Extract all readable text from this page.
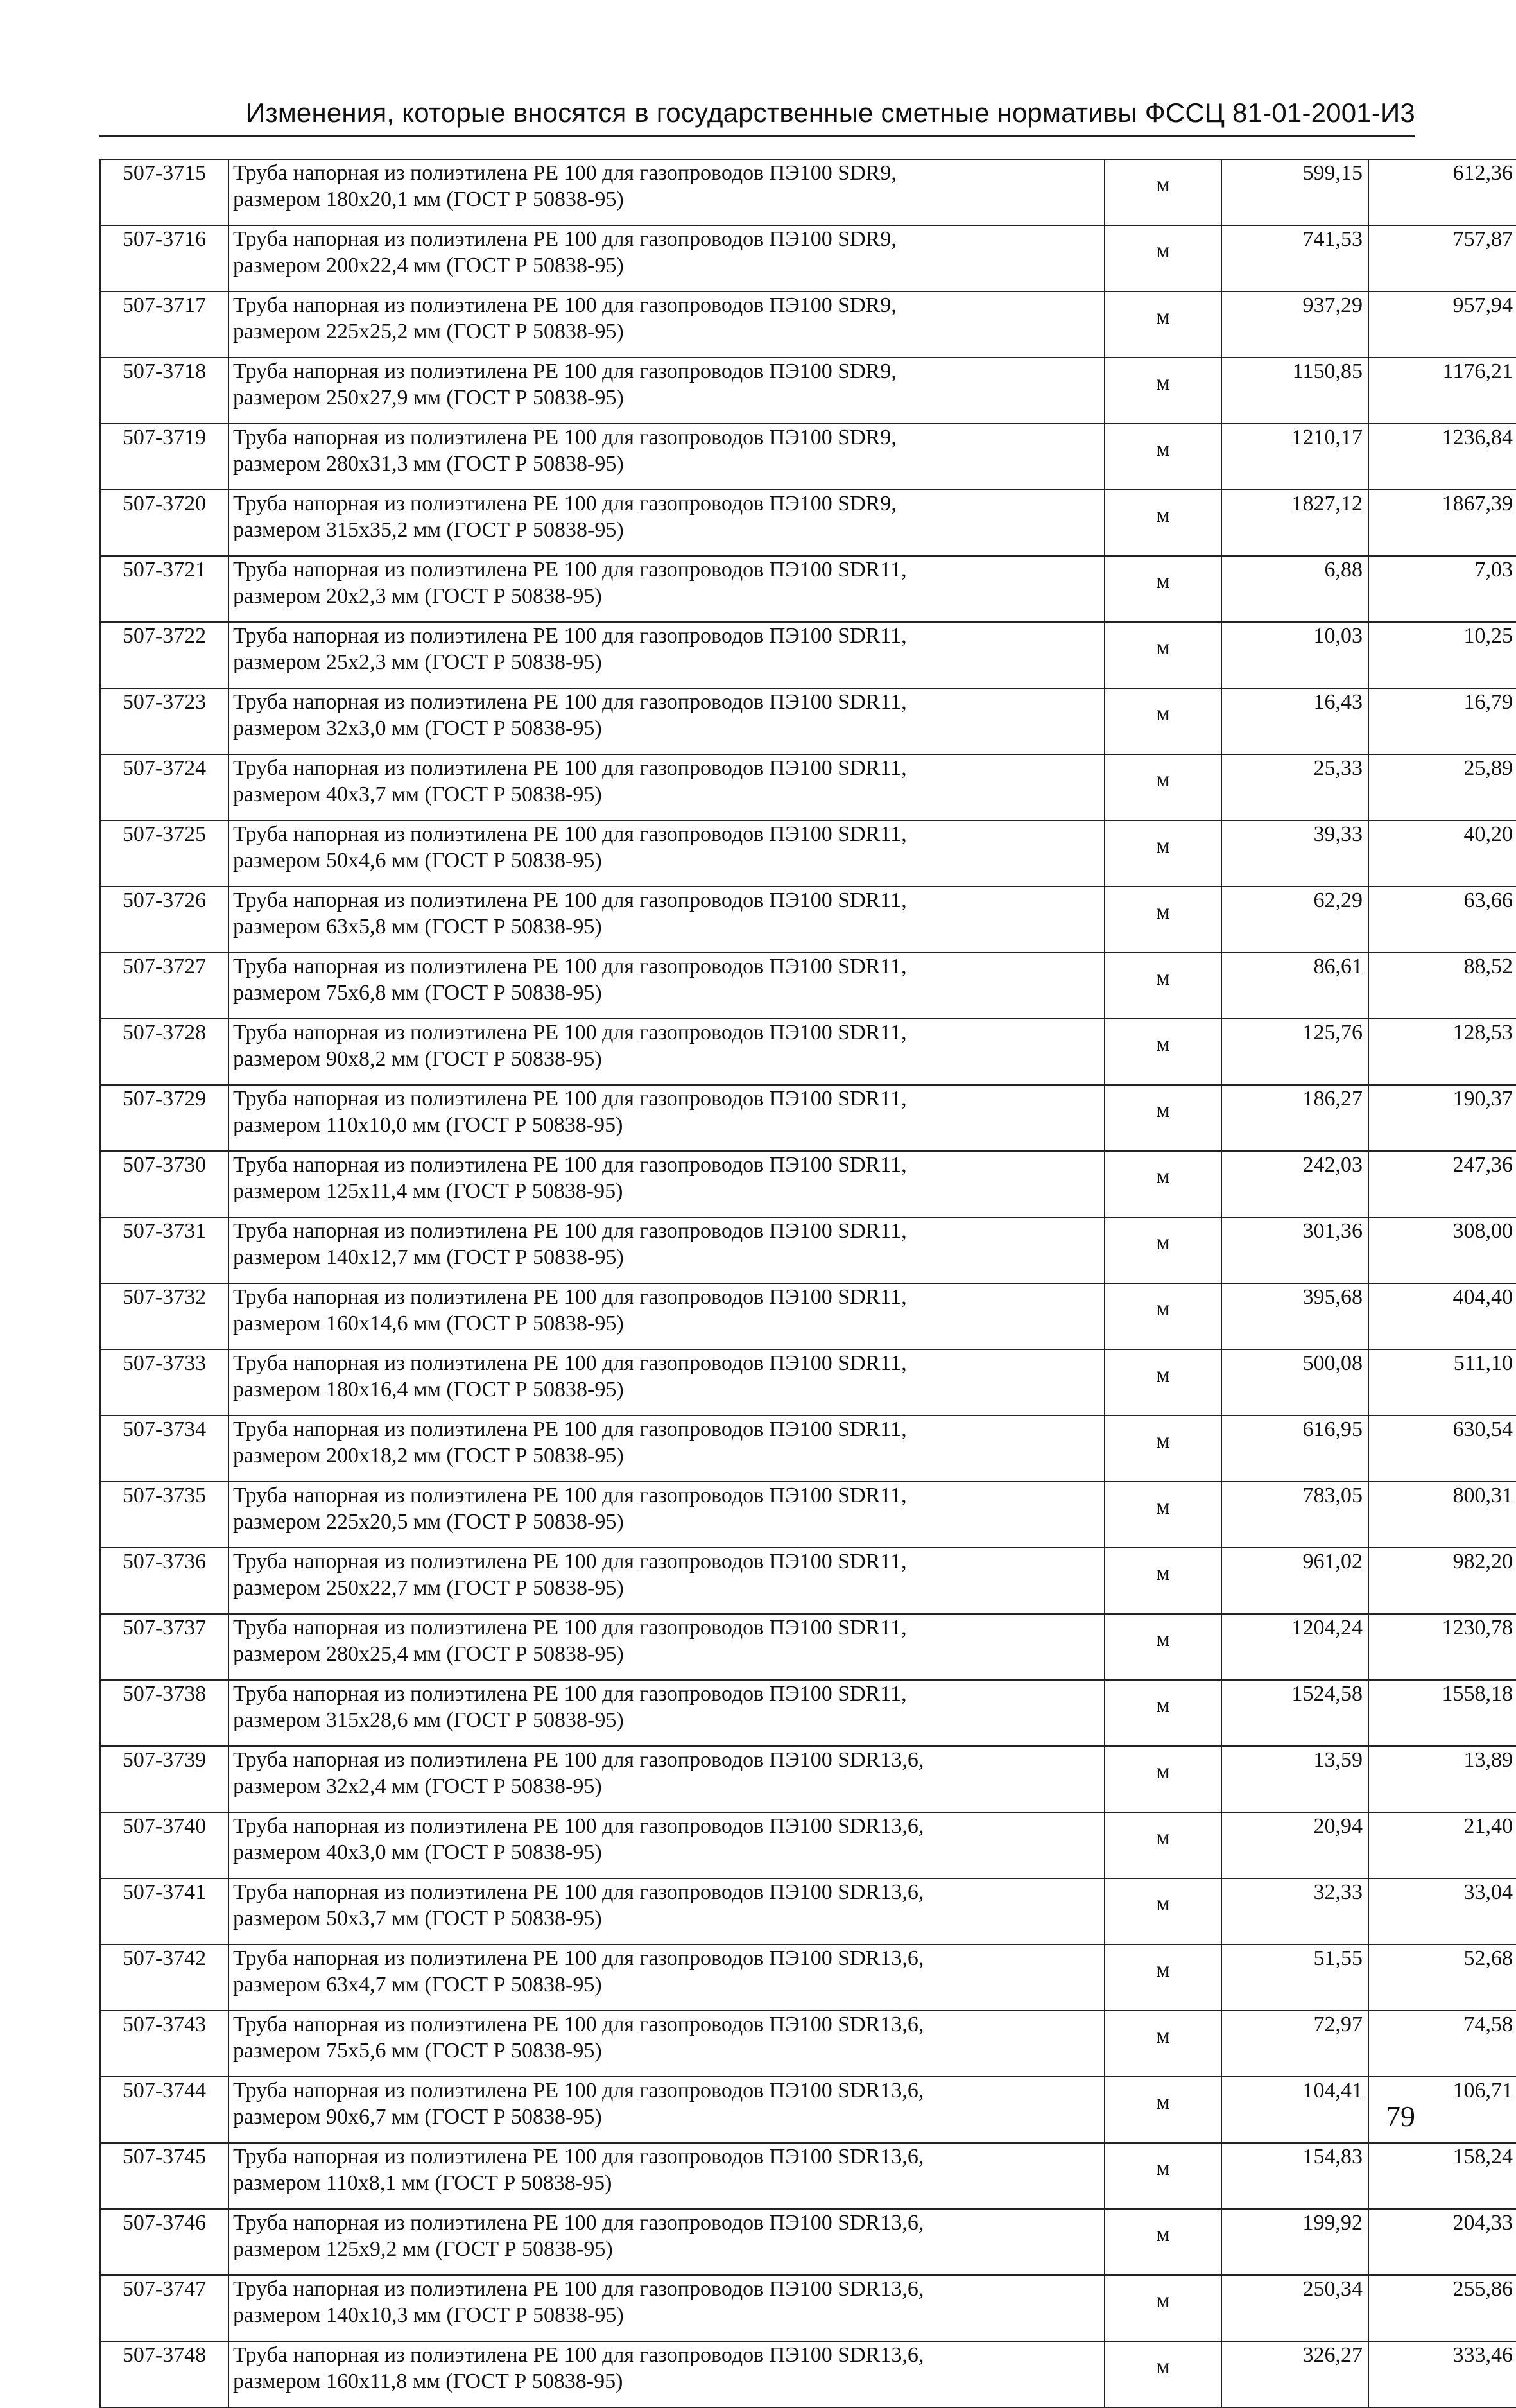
Изменения, которые вносятся в государственные сметные нормативы ФССЦ 81-01-2001-И3
507-3715	Труба напорная из полиэтилена PE 100 для газопроводов ПЭ100 SDR9,
размером 180x20,1 мм (ГОСТ Р 50838-95)	м	599,15	612,36
507-3716	Труба напорная из полиэтилена PE 100 для газопроводов ПЭ100 SDR9,
размером 200x22,4 мм (ГОСТ Р 50838-95)	м	741,53	757,87
507-3717	Труба напорная из полиэтилена PE 100 для газопроводов ПЭ100 SDR9,
размером 225x25,2 мм (ГОСТ Р 50838-95)	м	937,29	957,94
507-3718	Труба напорная из полиэтилена PE 100 для газопроводов ПЭ100 SDR9,
размером 250x27,9 мм (ГОСТ Р 50838-95)	м	1150,85	1176,21
507-3719	Труба напорная из полиэтилена PE 100 для газопроводов ПЭ100 SDR9,
размером 280x31,3 мм (ГОСТ Р 50838-95)	м	1210,17	1236,84
507-3720	Труба напорная из полиэтилена PE 100 для газопроводов ПЭ100 SDR9,
размером 315x35,2 мм (ГОСТ Р 50838-95)	м	1827,12	1867,39
507-3721	Труба напорная из полиэтилена PE 100 для газопроводов ПЭ100 SDR11,
размером 20x2,3 мм (ГОСТ Р 50838-95)	м	6,88	7,03
507-3722	Труба напорная из полиэтилена PE 100 для газопроводов ПЭ100 SDR11,
размером 25x2,3 мм (ГОСТ Р 50838-95)	м	10,03	10,25
507-3723	Труба напорная из полиэтилена PE 100 для газопроводов ПЭ100 SDR11,
размером 32x3,0 мм (ГОСТ Р 50838-95)	м	16,43	16,79
507-3724	Труба напорная из полиэтилена PE 100 для газопроводов ПЭ100 SDR11,
размером 40x3,7 мм (ГОСТ Р 50838-95)	м	25,33	25,89
507-3725	Труба напорная из полиэтилена PE 100 для газопроводов ПЭ100 SDR11,
размером 50x4,6 мм (ГОСТ Р 50838-95)	м	39,33	40,20
507-3726	Труба напорная из полиэтилена PE 100 для газопроводов ПЭ100 SDR11,
размером 63x5,8 мм (ГОСТ Р 50838-95)	м	62,29	63,66
507-3727	Труба напорная из полиэтилена PE 100 для газопроводов ПЭ100 SDR11,
размером 75x6,8 мм (ГОСТ Р 50838-95)	м	86,61	88,52
507-3728	Труба напорная из полиэтилена PE 100 для газопроводов ПЭ100 SDR11,
размером 90x8,2 мм (ГОСТ Р 50838-95)	м	125,76	128,53
507-3729	Труба напорная из полиэтилена PE 100 для газопроводов ПЭ100 SDR11,
размером 110x10,0 мм (ГОСТ Р 50838-95)	м	186,27	190,37
507-3730	Труба напорная из полиэтилена PE 100 для газопроводов ПЭ100 SDR11,
размером 125x11,4 мм (ГОСТ Р 50838-95)	м	242,03	247,36
507-3731	Труба напорная из полиэтилена PE 100 для газопроводов ПЭ100 SDR11,
размером 140x12,7 мм (ГОСТ Р 50838-95)	м	301,36	308,00
507-3732	Труба напорная из полиэтилена PE 100 для газопроводов ПЭ100 SDR11,
размером 160x14,6 мм (ГОСТ Р 50838-95)	м	395,68	404,40
507-3733	Труба напорная из полиэтилена PE 100 для газопроводов ПЭ100 SDR11,
размером 180x16,4 мм (ГОСТ Р 50838-95)	м	500,08	511,10
507-3734	Труба напорная из полиэтилена PE 100 для газопроводов ПЭ100 SDR11,
размером 200x18,2 мм (ГОСТ Р 50838-95)	м	616,95	630,54
507-3735	Труба напорная из полиэтилена PE 100 для газопроводов ПЭ100 SDR11,
размером 225x20,5 мм (ГОСТ Р 50838-95)	м	783,05	800,31
507-3736	Труба напорная из полиэтилена PE 100 для газопроводов ПЭ100 SDR11,
размером 250x22,7 мм (ГОСТ Р 50838-95)	м	961,02	982,20
507-3737	Труба напорная из полиэтилена PE 100 для газопроводов ПЭ100 SDR11,
размером 280x25,4 мм (ГОСТ Р 50838-95)	м	1204,24	1230,78
507-3738	Труба напорная из полиэтилена PE 100 для газопроводов ПЭ100 SDR11,
размером 315x28,6 мм (ГОСТ Р 50838-95)	м	1524,58	1558,18
507-3739	Труба напорная из полиэтилена PE 100 для газопроводов ПЭ100 SDR13,6,
размером 32x2,4 мм (ГОСТ Р 50838-95)	м	13,59	13,89
507-3740	Труба напорная из полиэтилена PE 100 для газопроводов ПЭ100 SDR13,6,
размером 40x3,0 мм (ГОСТ Р 50838-95)	м	20,94	21,40
507-3741	Труба напорная из полиэтилена PE 100 для газопроводов ПЭ100 SDR13,6,
размером 50x3,7 мм (ГОСТ Р 50838-95)	м	32,33	33,04
507-3742	Труба напорная из полиэтилена PE 100 для газопроводов ПЭ100 SDR13,6,
размером 63x4,7 мм (ГОСТ Р 50838-95)	м	51,55	52,68
507-3743	Труба напорная из полиэтилена PE 100 для газопроводов ПЭ100 SDR13,6,
размером 75x5,6 мм (ГОСТ Р 50838-95)	м	72,97	74,58
507-3744	Труба напорная из полиэтилена PE 100 для газопроводов ПЭ100 SDR13,6,
размером 90x6,7 мм (ГОСТ Р 50838-95)	м	104,41	106,71
507-3745	Труба напорная из полиэтилена PE 100 для газопроводов ПЭ100 SDR13,6,
размером 110x8,1 мм (ГОСТ Р 50838-95)	м	154,83	158,24
507-3746	Труба напорная из полиэтилена PE 100 для газопроводов ПЭ100 SDR13,6,
размером 125x9,2 мм (ГОСТ Р 50838-95)	м	199,92	204,33
507-3747	Труба напорная из полиэтилена PE 100 для газопроводов ПЭ100 SDR13,6,
размером 140x10,3 мм (ГОСТ Р 50838-95)	м	250,34	255,86
507-3748	Труба напорная из полиэтилена PE 100 для газопроводов ПЭ100 SDR13,6,
размером 160x11,8 мм (ГОСТ Р 50838-95)	м	326,27	333,46
79
